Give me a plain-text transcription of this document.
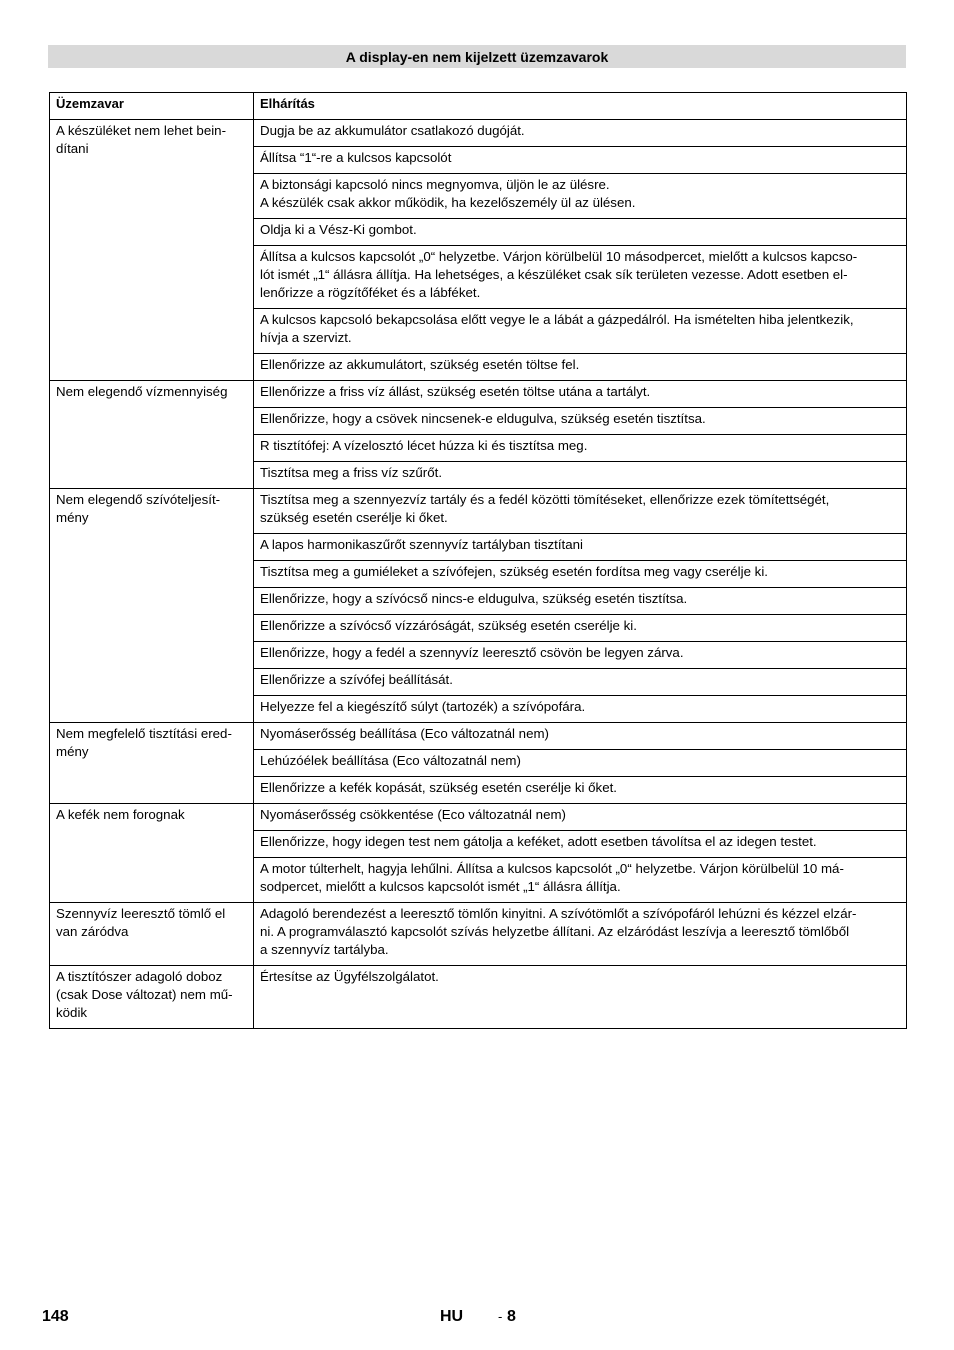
A display-en nem kijelzett üzemzavarok
Üzemzavar	Elhárítás

A készüléket nem lehet bein-
dítani	Dugja be az akkumulátor csatlakozó dugóját.

	Állítsa “1“-re a kulcsos kapcsolót

	A biztonsági kapcsoló nincs megnyomva, üljön le az ülésre.
A készülék csak akkor működik, ha kezelőszemély ül az ülésen.

	Oldja ki a Vész-Ki gombot.

	Állítsa a kulcsos kapcsolót „0“ helyzetbe. Várjon körülbelül 10 másodpercet, mielőtt a kulcsos kapcso-
lót ismét „1“ állásra állítja. Ha lehetséges, a készüléket csak sík területen vezesse. Adott esetben el-
lenőrizze a rögzítőféket és a lábféket.

	A kulcsos kapcsoló bekapcsolása előtt vegye le a lábát a gázpedálról. Ha ismételten hiba jelentkezik,
hívja a szervizt.

	Ellenőrizze az akkumulátort, szükség esetén töltse fel.

Nem elegendő vízmennyiség	Ellenőrizze a friss víz állást, szükség esetén töltse utána a tartályt.

	Ellenőrizze, hogy a csövek nincsenek-e eldugulva, szükség esetén tisztítsa.

	R tisztítófej: A vízelosztó lécet húzza ki és tisztítsa meg.

	Tisztítsa meg a friss víz szűrőt.

Nem elegendő szívóteljesít-
mény	Tisztítsa meg a szennyezvíz tartály és a fedél közötti tömítéseket, ellenőrizze ezek tömítettségét,
szükség esetén cserélje ki őket.

	A lapos harmonikaszűrőt szennyvíz tartályban tisztítani

	Tisztítsa meg a gumiéleket a szívófejen, szükség esetén fordítsa meg vagy cserélje ki.

	Ellenőrizze, hogy a szívócső nincs-e eldugulva, szükség esetén tisztítsa.

	Ellenőrizze a szívócső vízzáróságát, szükség esetén cserélje ki.

	Ellenőrizze, hogy a fedél a szennyvíz leeresztő csövön be legyen zárva.

	Ellenőrizze a szívófej beállítását.

	Helyezze fel a kiegészítő súlyt (tartozék) a szívópofára.

Nem megfelelő tisztítási ered-
mény	Nyomáserősség beállítása (Eco változatnál nem)

	Lehúzóélek beállítása (Eco változatnál nem)

	Ellenőrizze a kefék kopását, szükség esetén cserélje ki őket.

A kefék nem forognak	Nyomáserősség csökkentése (Eco változatnál nem)

	Ellenőrizze, hogy idegen test nem gátolja a keféket, adott esetben távolítsa el az idegen testet.

	A motor túlterhelt, hagyja lehűlni. Állítsa a kulcsos kapcsolót „0“ helyzetbe. Várjon körülbelül 10 má-
sodpercet, mielőtt a kulcsos kapcsolót ismét „1“ állásra állítja.

Szennyvíz leeresztő tömlő el
van záródva	Adagoló berendezést a leeresztő tömlőn kinyitni. A szívótömlőt a szívópofáról lehúzni és kézzel elzár-
ni. A programválasztó kapcsolót szívás helyzetbe állítani. Az elzáródást leszívja a leeresztő tömlőből
a szennyvíz tartályba.

A tisztítószer adagoló doboz
(csak Dose változat) nem mű-
ködik	Értesítse az Ügyfélszolgálatot.
148	HU	- 8
